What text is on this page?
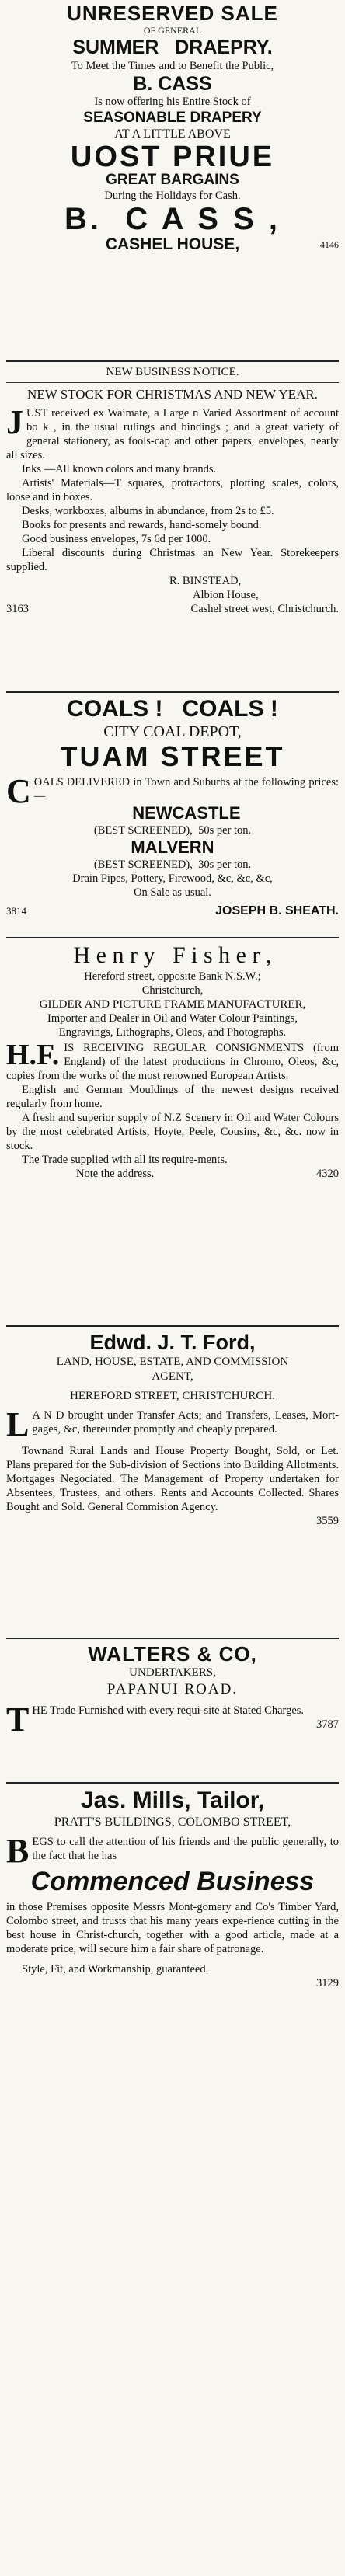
UNRESERVED SALE
OF GENERAL
SUMMER   DRAEPRY.
To Meet the Times and to Benefit the Public,
B. CASS
Is now offering his Entire Stock of
SEASONABLE DRAPERY
AT A LITTLE ABOVE
UOST PRIUE
GREAT BARGAINS
During the Holidays for Cash.
B.  C A S S ,
CASHEL HOUSE,	4146
NEW BUSINESS NOTICE.
NEW STOCK FOR CHRISTMAS AND NEW YEAR.
J UST received ex Waimate, a Large n Varied Assortment of account bo k , in the usual rulings and bindings ; and a great variety of general stationery, as fools-cap and other papers, envelopes, nearly all sizes.

Inks —All known colors and many brands.

Artists' Materials—T squares, protractors, plotting scales, colors, loose and in boxes.

Desks, workboxes, albums in abundance, from 2s to £5.

Books for presents and rewards, hand-somely bound.

Good business envelopes, 7s 6d per 1000.

Liberal discounts during Christmas an New Year. Storekeepers supplied.

R. BINSTEAD,
Albion House,
3163	Cashel street west, Christchurch.
COALS !   COALS !
CITY COAL DEPOT,
TUAM STREET
C OALS DELIVERED in Town and Suburbs at the following prices:—

NEWCASTLE
(BEST SCREENED),  50s per ton.
MALVERN
(BEST SCREENED),  30s per ton.
Drain Pipes, Pottery, Firewood, &c, &c, &c,
On Sale as usual.
3814	JOSEPH B. SHEATH.
H e n r y   F i s h e r ,
Hereford street, opposite Bank N.S.W.;
Christchurch,
GILDER AND PICTURE FRAME MANUFACTURER,
Importer and Dealer in Oil and Water Colour Paintings,
Engravings, Lithographs, Oleos, and Photographs.
H.F. IS RECEIVING REGULAR CONSIGNMENTS (from England) of the latest productions in Chromo, Oleos, &c, copies from the works of the most renowned European Artists.

English and German Mouldings of the newest designs received regularly from home.

A fresh and superior supply of N.Z Scenery in Oil and Water Colours by the most celebrated Artists, Hoyte, Peele, Cousins, &c, &c. now in stock.

The Trade supplied with all its require-ments.

Note the address.	4320
Edwd. J. T. Ford,
LAND, HOUSE, ESTATE, AND COMMISSION AGENT,
HEREFORD STREET, CHRISTCHURCH.
L A N D brought under Transfer Acts; and Transfers, Leases, Mort-gages, &c, thereunder promptly and cheaply prepared.

Townand Rural Lands and House Property Bought, Sold, or Let. Plans prepared for the Sub-division of Sections into Building Allotments. Mortgages Negociated. The Management of Property undertaken for Absentees, Trustees, and others. Rents and Accounts Collected. Shares Bought and Sold. General Commision Agency.

3559
WALTERS & CO,
UNDERTAKERS,
PAPANUI ROAD.
T HE Trade Furnished with every requi-site at Stated Charges.

3787
Jas. Mills, Tailor,
PRATT'S BUILDINGS, COLOMBO STREET,
B EGS to call the attention of his friends and the public generally, to the fact that he has

Commenced Business

in those Premises opposite Messrs Mont-gomery and Co's Timber Yard, Colombo street, and trusts that his many years expe-rience cutting in the best house in Christ-church, together with a good article, made at a moderate price, will secure him a fair share of patronage.

Style, Fit, and Workmanship, guaranteed.

3129
